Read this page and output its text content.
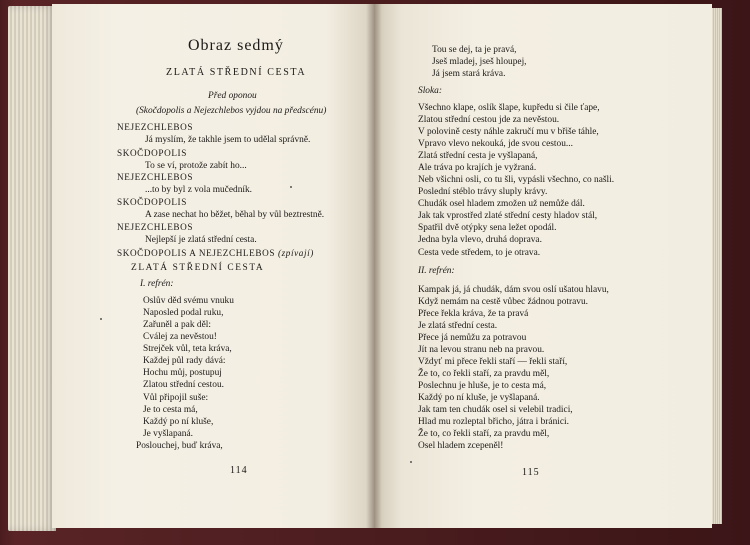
Obraz sedmý
ZLATÁ STŘEDNÍ CESTA
Před oponou
(Skočdopolis a Nejezchlebos vyjdou na předscénu)
NEJEZCHLEBOS
Já myslím, že takhle jsem to udělal správně.
SKOČDOPOLIS
To se ví, protože zabít ho...
NEJEZCHLEBOS
...to by byl z vola mučedník.
SKOČDOPOLIS
A zase nechat ho běžet, běhal by vůl beztrestně.
NEJEZCHLEBOS
Nejlepší je zlatá střední cesta.
SKOČDOPOLIS A NEJEZCHLEBOS (zpívají)
ZLATÁ STŘEDNÍ CESTA
I. refrén:
Oslův děd svému vnuku
Naposled podal ruku,
Zařuněl a pak děl:
Cválej za nevěstou!
Strejček vůl, teta kráva,
Každej půl rady dává:
Hochu můj, postupuj
Zlatou střední cestou.
Vůl připojil suše:
Je to cesta má,
Každý po ní kluše,
Je vyšlapaná.
Poslouchej, buď kráva,
114
Tou se dej, ta je pravá,
Jseš mladej, jseš hloupej,
Já jsem stará kráva.
Sloka:
Všechno klape, oslík šlape, kupředu si čile ťape,
Zlatou střední cestou jde za nevěstou.
V polovině cesty náhle zakručí mu v břiše táhle,
Vpravo vlevo nekouká, jde svou cestou...
Zlatá střední cesta je vyšlapaná,
Ale tráva po krajích je vyžraná.
Neb všichni osli, co tu šli, vypásli všechno, co našli.
Poslední stéblo trávy sluply krávy.
Chudák osel hladem zmožen už nemůže dál.
Jak tak vprostřed zlaté střední cesty hladov stál,
Spatřil dvě otýpky sena ležet opodál.
Jedna byla vlevo, druhá doprava.
Cesta vede středem, to je otrava.
II. refrén:
Kampak já, já chudák, dám svou oslí ušatou hlavu,
Když nemám na cestě vůbec žádnou potravu.
Přece řekla kráva, že ta pravá
Je zlatá střední cesta.
Přece já nemůžu za potravou
Jít na levou stranu neb na pravou.
Vždyť mi přece řekli staří — řekli staří,
Že to, co řekli staří, za pravdu měl,
Poslechnu je hluše, je to cesta má,
Každý po ní kluše, je vyšlapaná.
Jak tam ten chudák osel si velebil tradici,
Hlad mu rozleptal břicho, játra i bránici.
Že to, co řekli staří, za pravdu měl,
Osel hladem zcepeněl!
115
